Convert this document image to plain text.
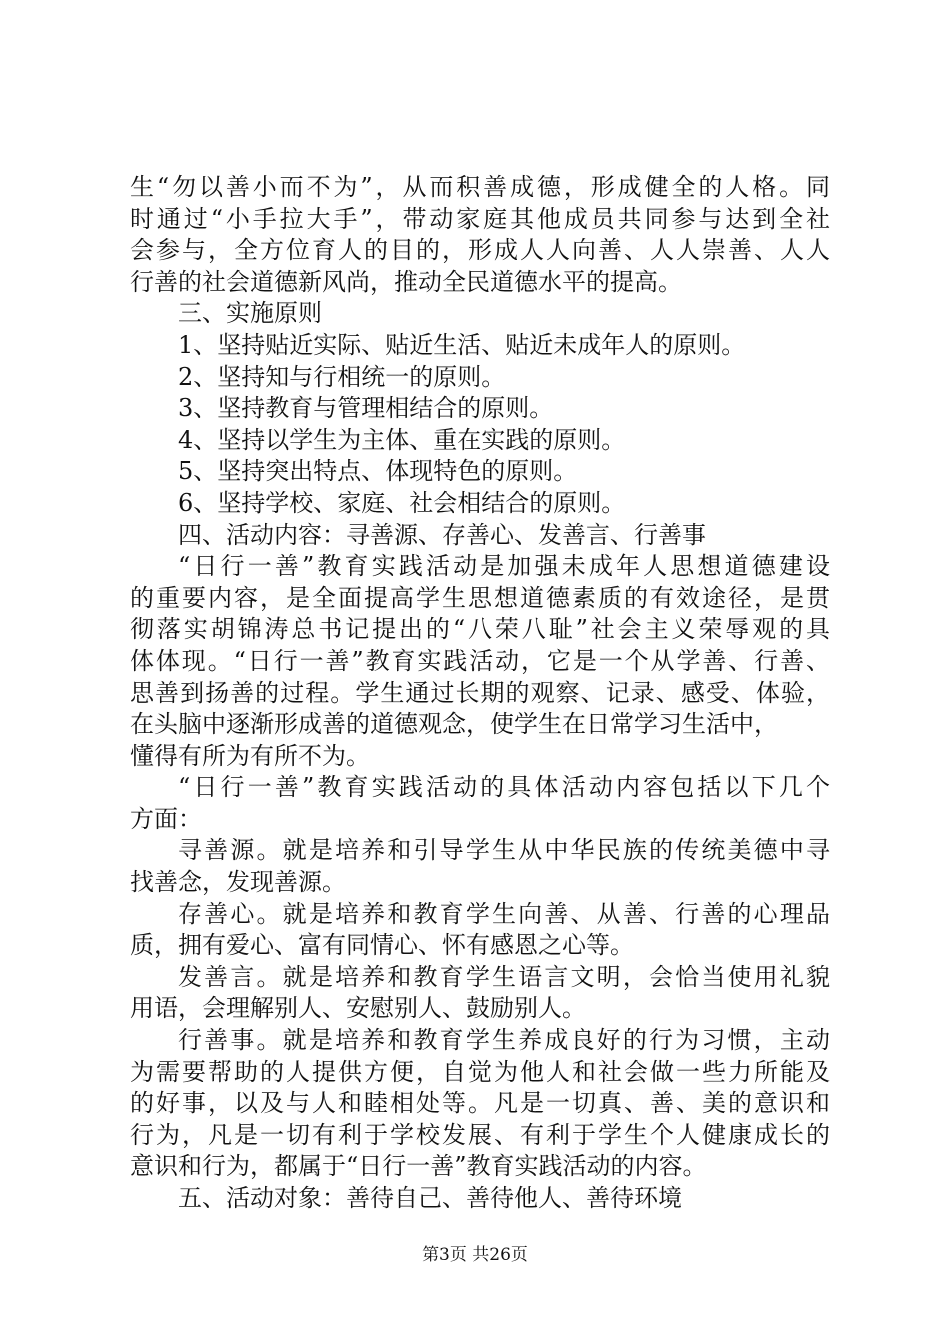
生“勿以善小而不为”，从而积善成德，形成健全的人格。同
时通过“小手拉大手”，带动家庭其他成员共同参与达到全社
会参与，全方位育人的目的，形成人人向善、人人崇善、人人
行善的社会道德新风尚，推动全民道德水平的提高。
三、实施原则
1、坚持贴近实际、贴近生活、贴近未成年人的原则。
2、坚持知与行相统一的原则。
3、坚持教育与管理相结合的原则。
4、坚持以学生为主体、重在实践的原则。
5、坚持突出特点、体现特色的原则。
6、坚持学校、家庭、社会相结合的原则。
四、活动内容：寻善源、存善心、发善言、行善事
“日行一善”教育实践活动是加强未成年人思想道德建设
的重要内容，是全面提高学生思想道德素质的有效途径，是贯
彻落实胡锦涛总书记提出的“八荣八耻”社会主义荣辱观的具
体体现。“日行一善”教育实践活动，它是一个从学善、行善、
思善到扬善的过程。学生通过长期的观察、记录、感受、体验，
在头脑中逐渐形成善的道德观念，使学生在日常学习生活中，
懂得有所为有所不为。
“日行一善”教育实践活动的具体活动内容包括以下几个
方面：
寻善源。就是培养和引导学生从中华民族的传统美德中寻
找善念，发现善源。
存善心。就是培养和教育学生向善、从善、行善的心理品
质，拥有爱心、富有同情心、怀有感恩之心等。
发善言。就是培养和教育学生语言文明，会恰当使用礼貌
用语，会理解别人、安慰别人、鼓励别人。
行善事。就是培养和教育学生养成良好的行为习惯，主动
为需要帮助的人提供方便，自觉为他人和社会做一些力所能及
的好事，以及与人和睦相处等。凡是一切真、善、美的意识和
行为，凡是一切有利于学校发展、有利于学生个人健康成长的
意识和行为，都属于“日行一善”教育实践活动的内容。
五、活动对象：善待自己、善待他人、善待环境
第3页 共26页
